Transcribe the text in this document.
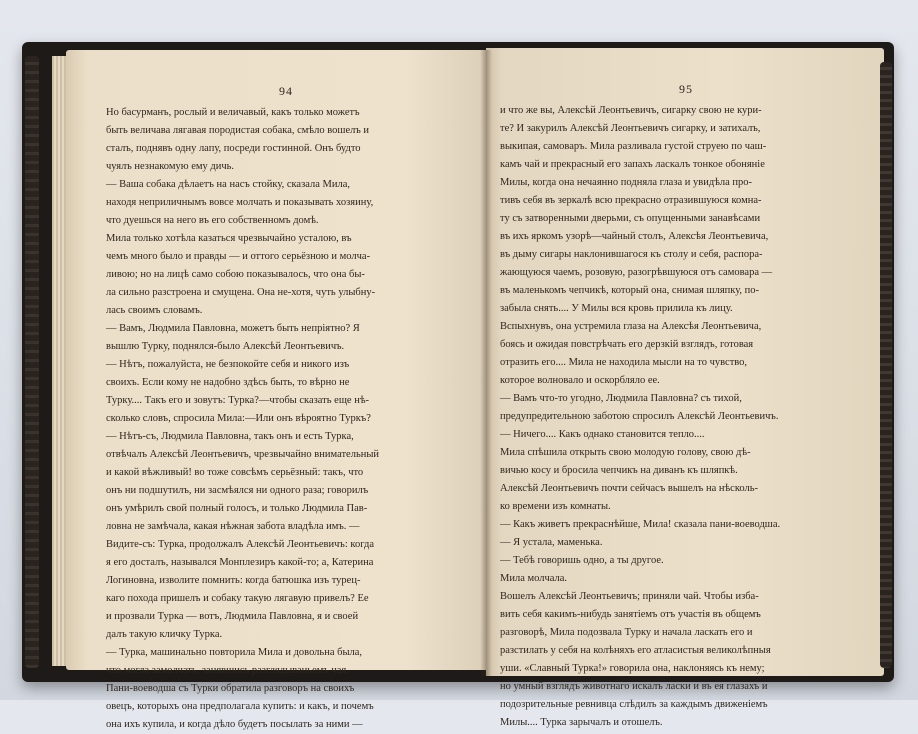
94
Но басурманъ, рослый и величавый, какъ только можетъ
быть величава лягавая породистая собака, смѣло вошелъ и
сталъ, поднявъ одну лапу, посреди гостинной. Онъ будто
чуялъ незнакомую ему дичь.
— Ваша собака дѣлаетъ на насъ стойку, сказала Мила,
находя неприличнымъ вовсе молчать и показывать хозяину,
что дуешься на него въ его собственномъ домѣ.
Мила только хотѣла казаться чрезвычайно усталою, въ
чемъ много было и правды — и оттого серьёзною и молча-
ливою; но на лицѣ само собою показывалось, что она бы-
ла сильно разстроена и смущена. Она не-хотя, чуть улыбну-
лась своимъ словамъ.
— Вамъ, Людмила Павловна, можетъ быть непріятно? Я
вышлю Турку, поднялся-было Алексѣй Леонтьевичъ.
— Нѣтъ, пожалуйста, не безпокойте себя и никого изъ
своихъ. Если кому не надобно здѣсь быть, то вѣрно не
Турку.... Такъ его и зовутъ: Турка?—чтобы сказать еще нѣ-
сколько словъ, спросила Мила:—Или онъ вѣроятно Туркъ?
— Нѣтъ-съ, Людмила Павловна, такъ онъ и есть Турка,
отвѣчалъ Алексѣй Леонтьевичъ, чрезвычайно внимательный
и какой вѣжливый! во тоже совсѣмъ серьёзный: такъ, что
онъ ни подшутилъ, ни засмѣялся ни одного раза; говорилъ
онъ умѣрилъ свой полный голосъ, и только Людмила Пав-
ловна не замѣчала, какая нѣжная забота владѣла имъ. —
Видите-съ: Турка, продолжалъ Алексѣй Леонтьевичъ: когда
я его досталъ, назывался Монплезиръ какой-то; а, Катерина
Логиновна, изволите помнить: когда батюшка изъ турец-
каго похода пришелъ и собаку такую лягавую привелъ? Ее
и прозвали Турка — вотъ, Людмила Павловна, я и своей
далъ такую кличку Турка.
— Турка, машинально повторила Мила и довольна была,
что могла замолчать, занявшись разглядываньемъ чая.
Пани-воеводша съ Турки обратила разговоръ на своихъ
овецъ, которыхъ она предполагала купить: и какъ, и почемъ
она ихъ купила, и когда дѣло будетъ посылать за ними —
95
и что же вы, Алексѣй Леонтьевичъ, сигарку свою не кури-
те? И закурилъ Алексѣй Леонтьевичъ сигарку, и затихалъ,
выкипая, самоваръ. Мила разливала густой струею по чаш-
камъ чай и прекрасный его запахъ ласкалъ тонкое обоняніе
Милы, когда она нечаянно подняла глаза и увидѣла про-
тивъ себя въ зеркалѣ всю прекрасно отразившуюся комна-
ту съ затворенными дверьми, съ опущенными занавѣсами
въ ихъ яркомъ узорѣ—чайный столъ, Алексѣя Леонтьевича,
въ дыму сигары наклонившагося къ столу и себя, распора-
жающуюся чаемъ, розовую, разогрѣвшуюся отъ самовара —
въ маленькомъ чепчикѣ, который она, снимая шляпку, по-
забыла снять.... У Милы вся кровь прилила къ лицу.
Вспыхнувъ, она устремила глаза на Алексѣя Леонтьевича,
боясь и ожидая повстрѣчать его дерзкій взглядъ, готовая
отразить его.... Мила не находила мысли на то чувство,
которое волновало и оскорбляло ее.
— Вамъ что-то угодно, Людмила Павловна? съ тихой,
предупредительною заботою спросилъ Алексѣй Леонтьевичъ.
— Ничего.... Какъ однако становится тепло....
Мила спѣшила открыть свою молодую голову, свою дѣ-
вичью косу и бросила чепчикъ на диванъ къ шляпкѣ.
Алексѣй Леонтьевичъ почти сейчасъ вышелъ на нѣсколь-
ко времени изъ комнаты.
— Какъ живетъ прекраснѣйше, Мила! сказала пани-воеводша.
— Я устала, маменька.
— Тебѣ говоришь одно, а ты другое.
Мила молчала.
Вошелъ Алексѣй Леонтьевичъ; приняли чай. Чтобы изба-
вить себя какимъ-нибудь занятіемъ отъ участія въ общемъ
разговорѣ, Мила подозвала Турку и начала ласкать его и
разстилать у себя на колѣняхъ его атласистыя великолѣпныя
уши. «Славный Турка!» говорила она, наклоняясь къ нему;
но умный взглядъ животнаго искалъ ласки и въ ея глазахъ и
подозрительные ревнивца слѣдилъ за каждымъ движеніемъ
Милы.... Турка зарычалъ и отошелъ.
